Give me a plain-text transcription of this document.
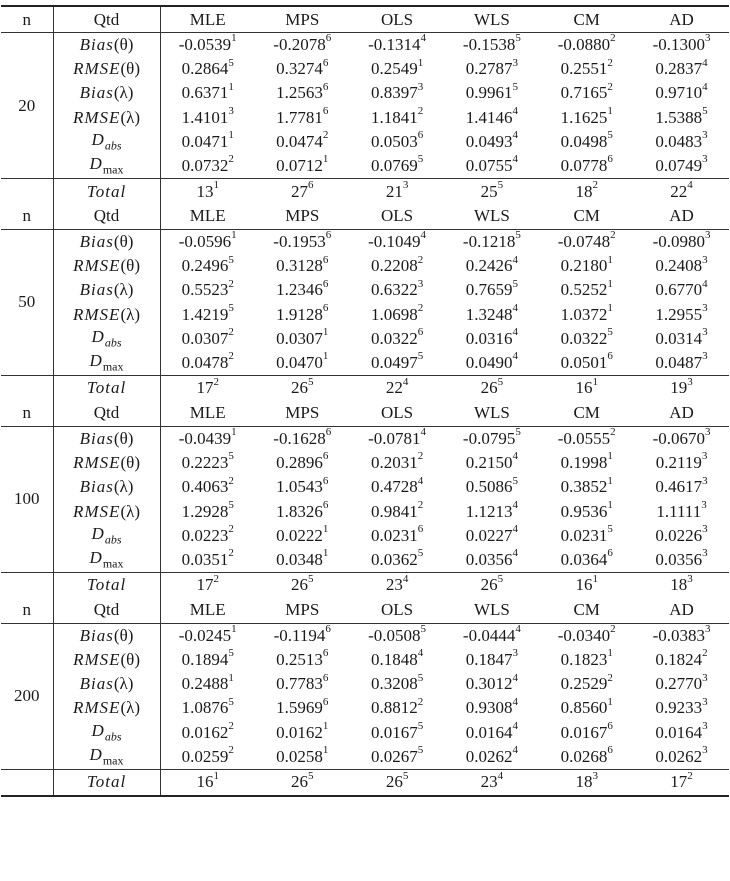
n	Qtd	MLE	MPS	OLS	WLS	CM	AD
20	Bias(θ)	-0.0539$^1$	-0.2078$^6$	-0.1314$^4$	-0.1538$^5$	-0.0880$^2$	-0.1300$^3$
	RMSE(θ)	0.2864$^5$	0.3274$^6$	0.2549$^1$	0.2787$^3$	0.2551$^2$	0.2837$^4$
	Bias(λ)	0.6371$^1$	1.2563$^6$	0.8397$^3$	0.9961$^5$	0.7165$^2$	0.9710$^4$
	RMSE(λ)	1.4101$^3$	1.7781$^6$	1.1841$^2$	1.4146$^4$	1.1625$^1$	1.5388$^5$
	$D_{abs}$	0.0471$^1$	0.0474$^2$	0.0503$^6$	0.0493$^4$	0.0498$^5$	0.0483$^3$
	$D_{max}$	0.0732$^2$	0.0712$^1$	0.0769$^5$	0.0755$^4$	0.0778$^6$	0.0749$^3$
	Total	$13^1$	$27^6$	$21^3$	$25^5$	$18^2$	$22^4$
n	Qtd	MLE	MPS	OLS	WLS	CM	AD
50	Bias(θ)	-0.0596$^1$	-0.1953$^6$	-0.1049$^4$	-0.1218$^5$	-0.0748$^2$	-0.0980$^3$
	RMSE(θ)	0.2496$^5$	0.3128$^6$	0.2208$^2$	0.2426$^4$	0.2180$^1$	0.2408$^3$
	Bias(λ)	0.5523$^2$	1.2346$^6$	0.6322$^3$	0.7659$^5$	0.5252$^1$	0.6770$^4$
	RMSE(λ)	1.4219$^5$	1.9128$^6$	1.0698$^2$	1.3248$^4$	1.0372$^1$	1.2955$^3$
	$D_{abs}$	0.0307$^2$	0.0307$^1$	0.0322$^6$	0.0316$^4$	0.0322$^5$	0.0314$^3$
	$D_{max}$	0.0478$^2$	0.0470$^1$	0.0497$^5$	0.0490$^4$	0.0501$^6$	0.0487$^3$
	Total	$17^2$	$26^5$	$22^4$	$26^5$	$16^1$	$19^3$
n	Qtd	MLE	MPS	OLS	WLS	CM	AD
100	Bias(θ)	-0.0439$^1$	-0.1628$^6$	-0.0781$^4$	-0.0795$^5$	-0.0555$^2$	-0.0670$^3$
	RMSE(θ)	0.2223$^5$	0.2896$^6$	0.2031$^2$	0.2150$^4$	0.1998$^1$	0.2119$^3$
	Bias(λ)	0.4063$^2$	1.0543$^6$	0.4728$^4$	0.5086$^5$	0.3852$^1$	0.4617$^3$
	RMSE(λ)	1.2928$^5$	1.8326$^6$	0.9841$^2$	1.1213$^4$	0.9536$^1$	1.1111$^3$
	$D_{abs}$	0.0223$^2$	0.0222$^1$	0.0231$^6$	0.0227$^4$	0.0231$^5$	0.0226$^3$
	$D_{max}$	0.0351$^2$	0.0348$^1$	0.0362$^5$	0.0356$^4$	0.0364$^6$	0.0356$^3$
	Total	$17^2$	$26^5$	$23^4$	$26^5$	$16^1$	$18^3$
n	Qtd	MLE	MPS	OLS	WLS	CM	AD
200	Bias(θ)	-0.0245$^1$	-0.1194$^6$	-0.0508$^5$	-0.0444$^4$	-0.0340$^2$	-0.0383$^3$
	RMSE(θ)	0.1894$^5$	0.2513$^6$	0.1848$^4$	0.1847$^3$	0.1823$^1$	0.1824$^2$
	Bias(λ)	0.2488$^1$	0.7783$^6$	0.3208$^5$	0.3012$^4$	0.2529$^2$	0.2770$^3$
	RMSE(λ)	1.0876$^5$	1.5969$^6$	0.8812$^2$	0.9308$^4$	0.8560$^1$	0.9233$^3$
	$D_{abs}$	0.0162$^2$	0.0162$^1$	0.0167$^5$	0.0164$^4$	0.0167$^6$	0.0164$^3$
	$D_{max}$	0.0259$^2$	0.0258$^1$	0.0267$^5$	0.0262$^4$	0.0268$^6$	0.0262$^3$
	Total	$16^1$	$26^5$	$26^5$	$23^4$	$18^3$	$17^2$
